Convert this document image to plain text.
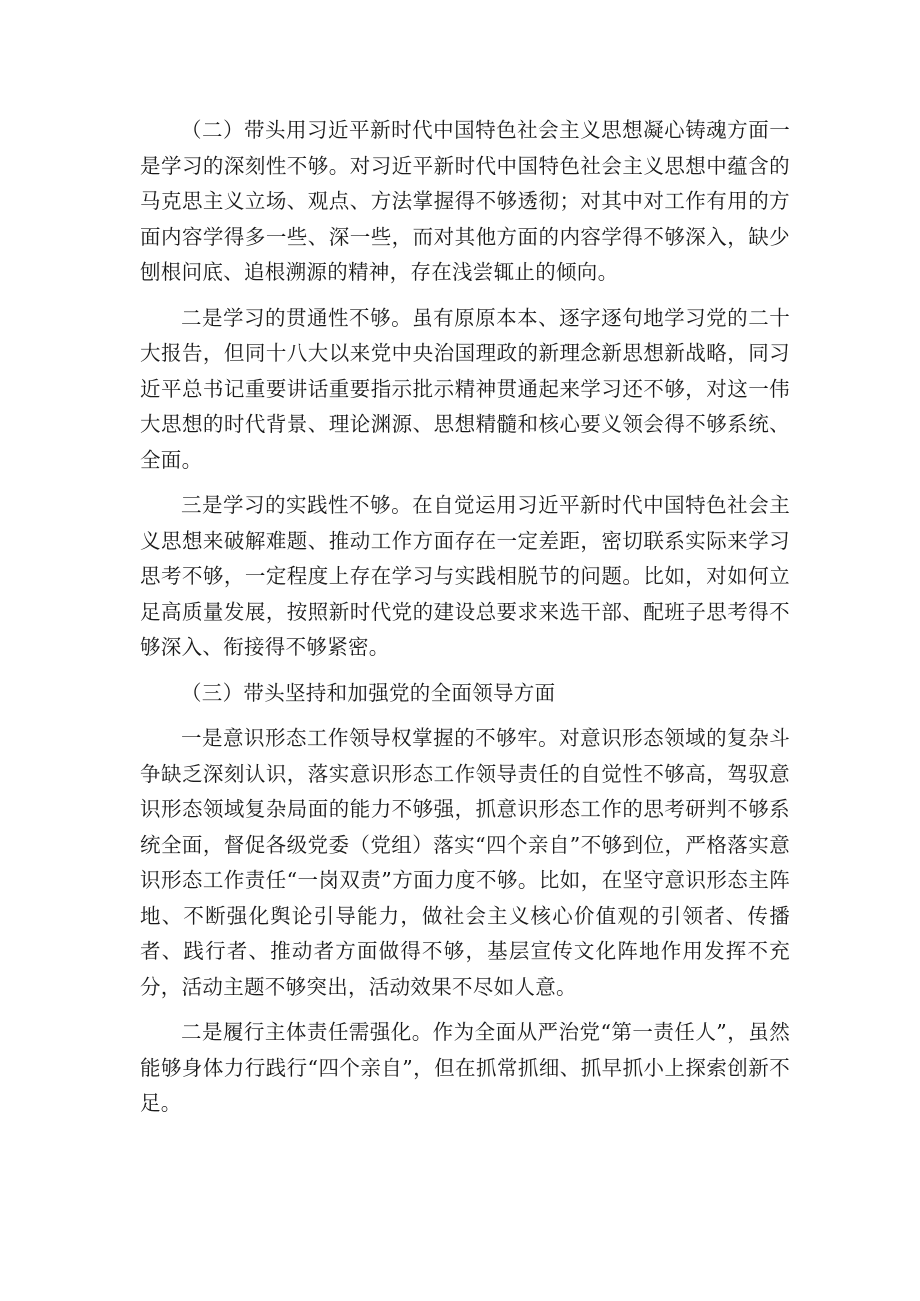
（二）带头用习近平新时代中国特色社会主义思想凝心铸魂方面一是学习的深刻性不够。对习近平新时代中国特色社会主义思想中蕴含的马克思主义立场、观点、方法掌握得不够透彻；对其中对工作有用的方面内容学得多一些、深一些，而对其他方面的内容学得不够深入，缺少刨根问底、追根溯源的精神，存在浅尝辄止的倾向。

二是学习的贯通性不够。虽有原原本本、逐字逐句地学习党的二十大报告，但同十八大以来党中央治国理政的新理念新思想新战略，同习近平总书记重要讲话重要指示批示精神贯通起来学习还不够，对这一伟大思想的时代背景、理论渊源、思想精髓和核心要义领会得不够系统、全面。

三是学习的实践性不够。在自觉运用习近平新时代中国特色社会主义思想来破解难题、推动工作方面存在一定差距，密切联系实际来学习思考不够，一定程度上存在学习与实践相脱节的问题。比如，对如何立足高质量发展，按照新时代党的建设总要求来选干部、配班子思考得不够深入、衔接得不够紧密。

（三）带头坚持和加强党的全面领导方面

一是意识形态工作领导权掌握的不够牢。对意识形态领域的复杂斗争缺乏深刻认识，落实意识形态工作领导责任的自觉性不够高，驾驭意识形态领域复杂局面的能力不够强，抓意识形态工作的思考研判不够系统全面，督促各级党委（党组）落实“四个亲自”不够到位，严格落实意识形态工作责任“一岗双责”方面力度不够。比如，在坚守意识形态主阵地、不断强化舆论引导能力，做社会主义核心价值观的引领者、传播者、践行者、推动者方面做得不够，基层宣传文化阵地作用发挥不充分，活动主题不够突出，活动效果不尽如人意。

二是履行主体责任需强化。作为全面从严治党“第一责任人”，虽然能够身体力行践行“四个亲自”，但在抓常抓细、抓早抓小上探索创新不足。
